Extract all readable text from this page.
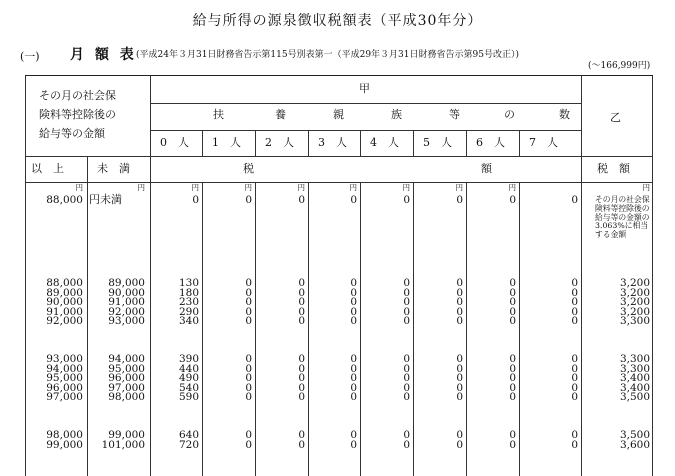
給与所得の源泉徴収税額表（平成30年分）
(一) 月 額 表 (平成24年３月31日財務省告示第115号別表第一（平成29年３月31日財務省告示第95号改正）)
(〜166,999円)
その月の社会保
険料等控除後の
給与等の金額
甲
乙
以　上	未　満	税	額	税　額
その月の社会保険料等控除後の給与等の金額の3.063%に相当する金額
扶	養	親	族	等	の	数
0　人 1　人 2　人 3　人 4　人 5　人 6　人 7　人
円	円	円	円	円	円	円	円	円	円
88,000 円未満	0	0	0	0	0	0	0	0
88,000	89,000	130	0	0	0	0	0	0	0	3,200
89,000	90,000	180	0	0	0	0	0	0	0	3,200
90,000	91,000	230	0	0	0	0	0	0	0	3,200
91,000	92,000	290	0	0	0	0	0	0	0	3,200
92,000	93,000	340	0	0	0	0	0	0	0	3,300
93,000	94,000	390	0	0	0	0	0	0	0	3,300
94,000	95,000	440	0	0	0	0	0	0	0	3,300
95,000	96,000	490	0	0	0	0	0	0	0	3,400
96,000	97,000	540	0	0	0	0	0	0	0	3,400
97,000	98,000	590	0	0	0	0	0	0	0	3,500
98,000	99,000	640	0	0	0	0	0	0	0	3,500
99,000	101,000	720	0	0	0	0	0	0	0	3,600
